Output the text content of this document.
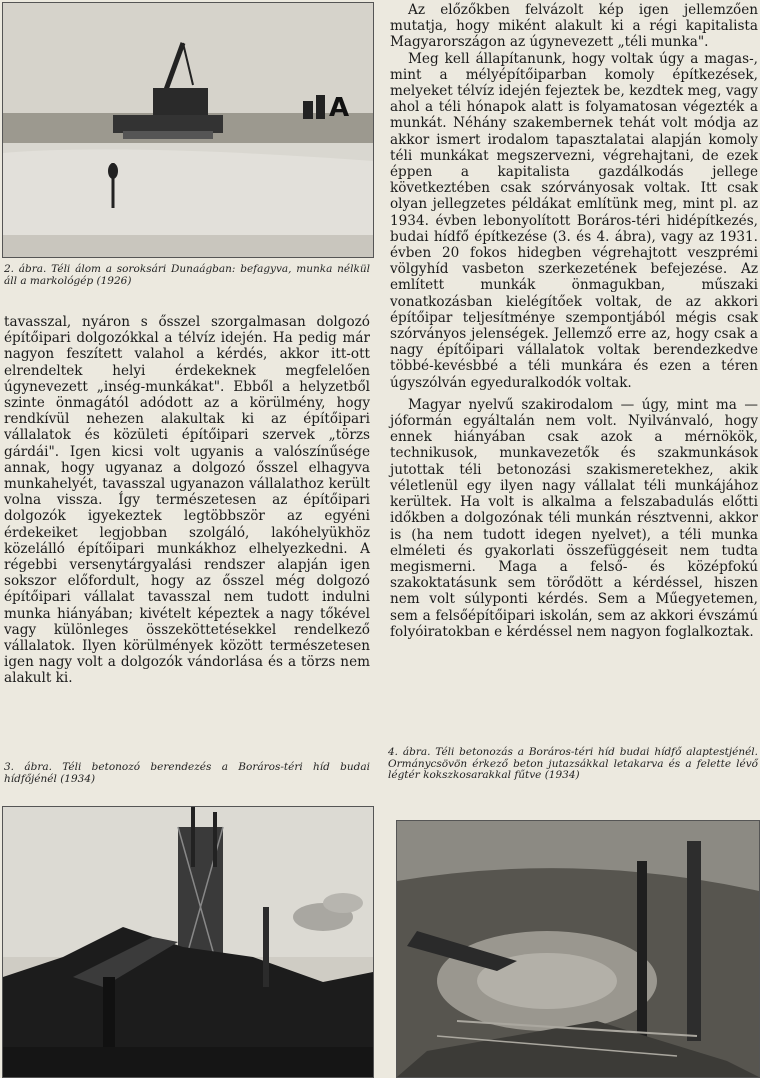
A
2. ábra. Téli álom a soroksári Dunaágban: befagyva, munka nélkül áll a markológép (1926)

tavasszal, nyáron s ősszel szorgalmasan dolgozó építőipari dolgozókkal a télvíz idején. Ha pedig már nagyon feszített valahol a kérdés, akkor itt-ott elrendeltek helyi érdekeknek megfelelően úgynevezett „inség-munkákat". Ebből a helyzetből szinte önmagától adódott az a körülmény, hogy rendkívül nehezen alakultak ki az építőipari vállalatok és közületi építőipari szervek „törzs gárdái". Igen kicsi volt ugyanis a valószínűsége annak, hogy ugyanaz a dolgozó ősszel elhagyva munkahelyét, tavasszal ugyanazon vállalathoz került volna vissza. Így természetesen az építőipari dolgozók igyekeztek legtöbbször az egyéni érdekeiket legjobban szolgáló, lakóhelyükhöz közelálló építőipari munkákhoz elhelyezkedni. A régebbi versenytárgyalási rendszer alapján igen sokszor előfordult, hogy az ősszel még dolgozó építőipari vállalat tavasszal nem tudott indulni munka hiányában; kivételt képeztek a nagy tőkével vagy különleges összeköttetésekkel rendelkező vállalatok. Ilyen körülmények között természetesen igen nagy volt a dolgozók vándorlása és a törzs nem alakult ki.

Az előzőkben felvázolt kép igen jellemzően mutatja, hogy miként alakult ki a régi kapitalista Magyarországon az úgynevezett „téli munka".

Meg kell állapítanunk, hogy voltak úgy a magas-, mint a mélyépítőiparban komoly építkezések, melyeket télvíz idején fejeztek be, kezdtek meg, vagy ahol a téli hónapok alatt is folyamatosan végezték a munkát. Néhány szakembernek tehát volt módja az akkor ismert irodalom tapasztalatai alapján komoly téli munkákat megszervezni, végrehajtani, de ezek éppen a kapitalista gazdálkodás jellege következtében csak szórványosak voltak. Itt csak olyan jellegzetes példákat említünk meg, mint pl. az 1934. évben lebonyolított Boráros-téri hidépítkezés, budai hídfő építkezése (3. és 4. ábra), vagy az 1931. évben 20 fokos hidegben végrehajtott veszprémi völgyhíd vasbeton szerkezetének befejezése. Az említett munkák önmagukban, műszaki vonatkozásban kielégítőek voltak, de az akkori építőipar teljesítménye szempontjából mégis csak szórványos jelenségek. Jellemző erre az, hogy csak a nagy építőipari vállalatok voltak berendezkedve többé-kevésbbé a téli munkára és ezen a téren úgyszólván egyeduralkodók voltak.

Magyar nyelvű szakirodalom — úgy, mint ma — jóformán egyáltalán nem volt. Nyilvánvaló, hogy ennek hiányában csak azok a mérnökök, technikusok, munkavezetők és szakmunkások jutottak téli betonozási szakismeretekhez, akik véletlenül egy ilyen nagy vállalat téli munkájához kerültek. Ha volt is alkalma a felszabadulás előtti időkben a dolgozónak téli munkán résztvenni, akkor is (ha nem tudott idegen nyelvet), a téli munka elméleti és gyakorlati összefüggéseit nem tudta megismerni. Maga a felső- és középfokú szakoktatásunk sem törődött a kérdéssel, hiszen nem volt súlyponti kérdés. Sem a Műegyetemen, sem a felsőépítőipari iskolán, sem az akkori évszámú folyóiratokban e kérdéssel nem nagyon foglalkoztak.

3. ábra. Téli betonozó berendezés a Boráros-téri híd budai hídfőjénél (1934)
4. ábra. Téli betonozás a Boráros-téri híd budai hídfő alaptestjénél. Ormánycsövön érkező beton jutazsákkal letakarva és a felette lévő légtér kokszkosarakkal fűtve (1934)
